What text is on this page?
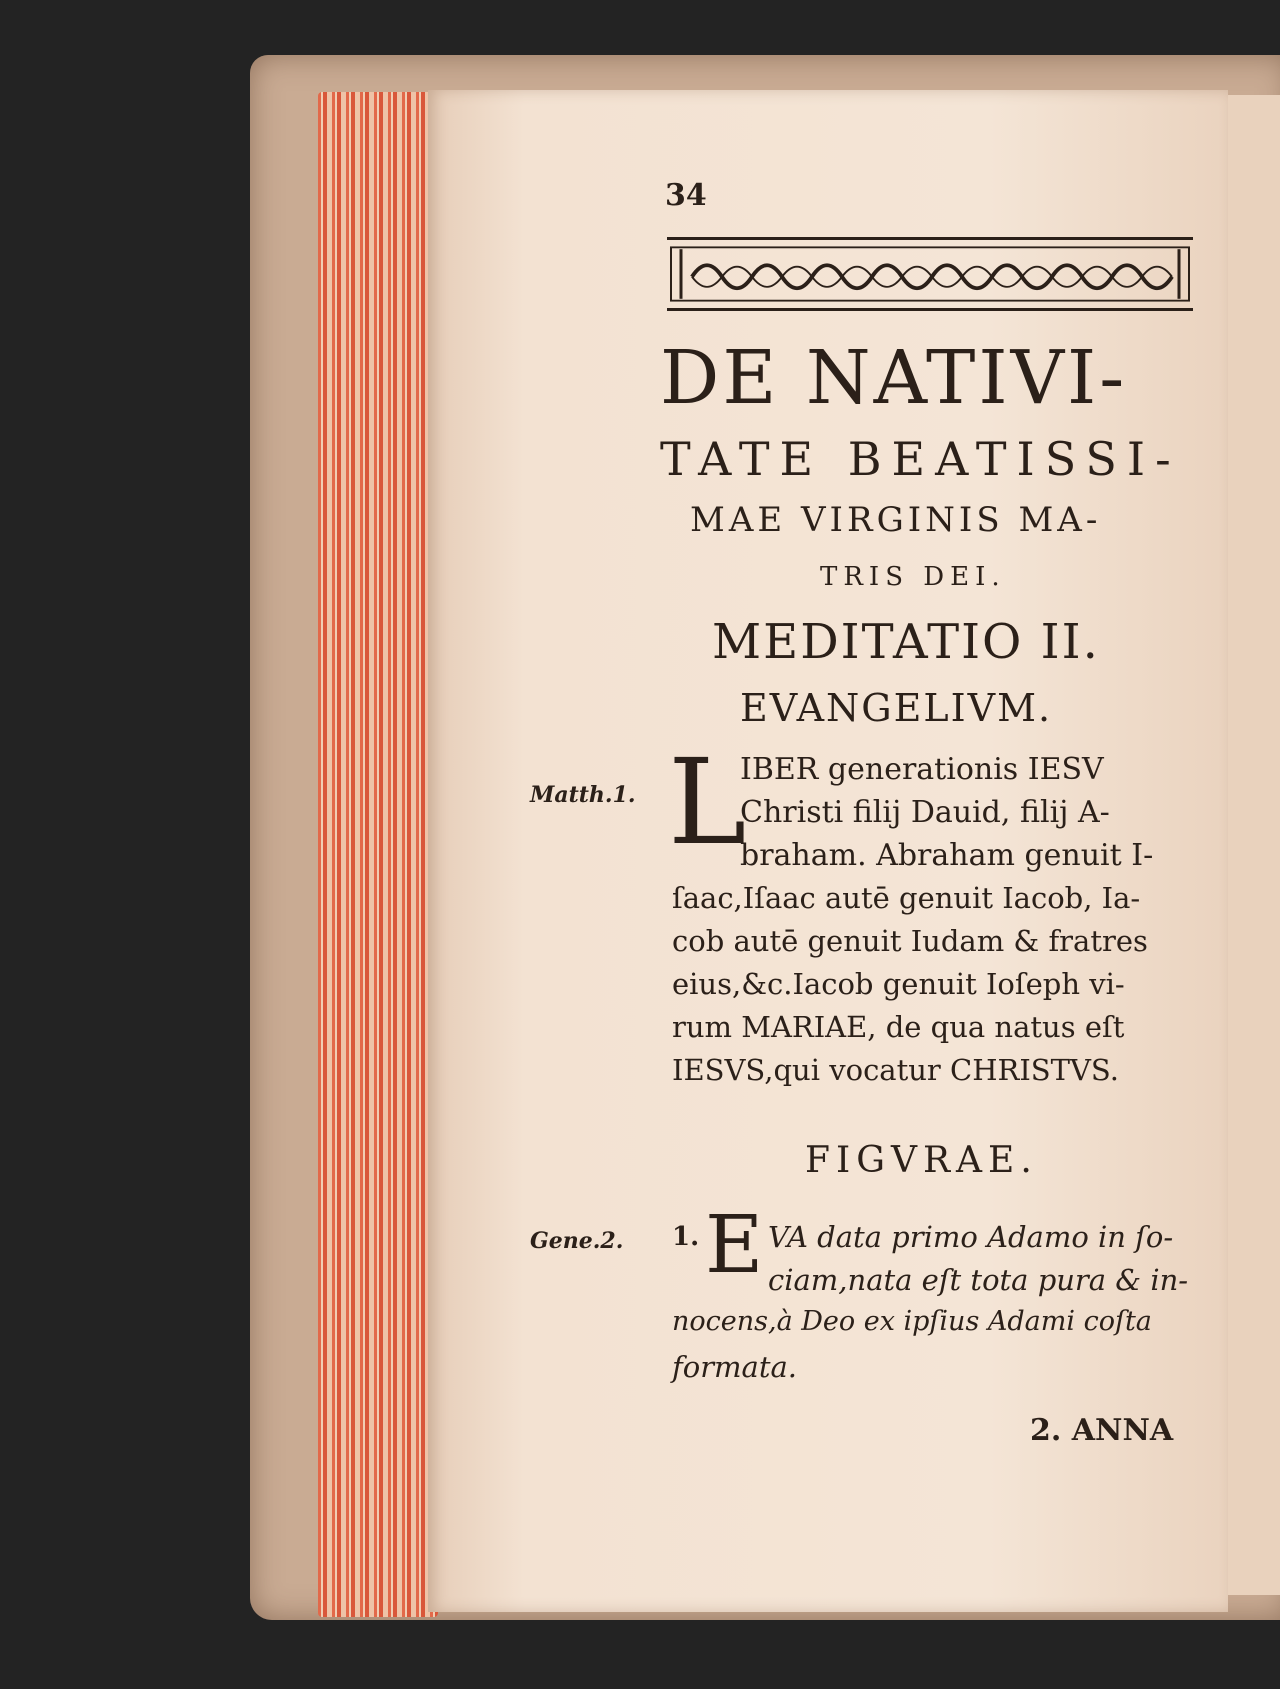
34
DE NATIVI-
TATE BEATISSI-
MAE VIRGINIS MA-
TRIS DEI.
MEDITATIO II.
EVANGELIVM.
Matth.1. L
IBER generationis IESV
Christi filij Dauid, filij A-
braham. Abraham genuit I-
ſaac,Iſaac autē genuit Iacob, Ia-
cob autē genuit Iudam & fratres
eius,&c.Iacob genuit Ioſeph vi-
rum MARIAE, de qua natus eſt
IESVS,qui vocatur CHRISTVS.
FIGVRAE.
Gene.2. 1. E VA data primo Adamo in ſo-
ciam,nata eſt tota pura & in-
nocens,à Deo ex ipſius Adami coſta
formata.
2. ANNA
